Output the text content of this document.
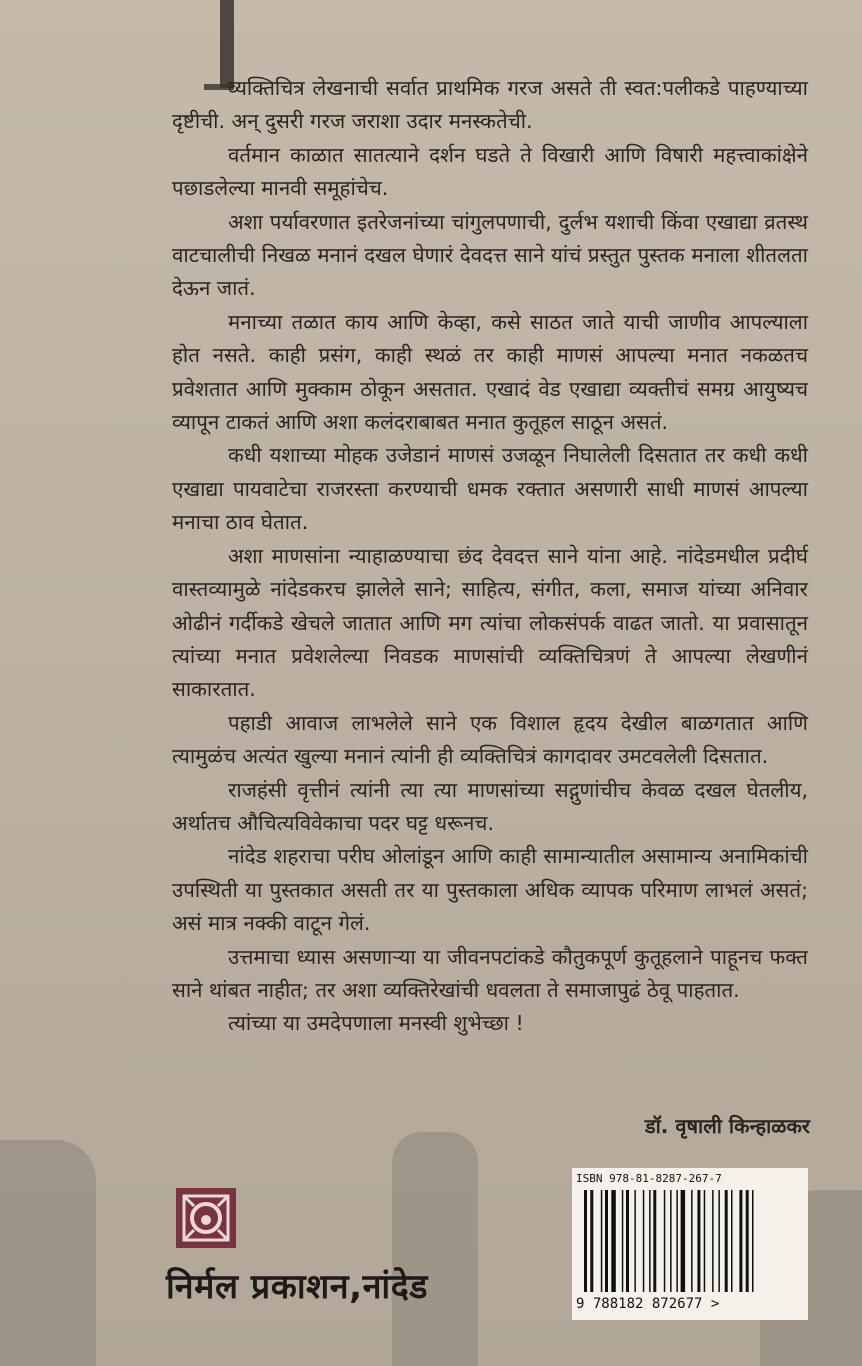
व्यक्तिचित्र लेखनाची सर्वात प्राथमिक गरज असते ती स्वत:पलीकडे पाहण्याच्या दृष्टीची. अन् दुसरी गरज जराशा उदार मनस्कतेची.

वर्तमान काळात सातत्याने दर्शन घडते ते विखारी आणि विषारी महत्त्वाकांक्षेने पछाडलेल्या मानवी समूहांचेच.

अशा पर्यावरणात इतरेजनांच्या चांगुलपणाची, दुर्लभ यशाची किंवा एखाद्या व्रतस्थ वाटचालीची निखळ मनानं दखल घेणारं देवदत्त साने यांचं प्रस्तुत पुस्तक मनाला शीतलता देऊन जातं.

मनाच्या तळात काय आणि केव्हा, कसे साठत जाते याची जाणीव आपल्याला होत नसते. काही प्रसंग, काही स्थळं तर काही माणसं आपल्या मनात नकळतच प्रवेशतात आणि मुक्काम ठोकून असतात. एखादं वेड एखाद्या व्यक्तीचं समग्र आयुष्यच व्यापून टाकतं आणि अशा कलंदराबाबत मनात कुतूहल साठून असतं.

कधी यशाच्या मोहक उजेडानं माणसं उजळून निघालेली दिसतात तर कधी कधी एखाद्या पायवाटेचा राजरस्ता करण्याची धमक रक्तात असणारी साधी माणसं आपल्या मनाचा ठाव घेतात.

अशा माणसांना न्याहाळण्याचा छंद देवदत्त साने यांना आहे. नांदेडमधील प्रदीर्घ वास्तव्यामुळे नांदेडकरच झालेले साने; साहित्य, संगीत, कला, समाज यांच्या अनिवार ओढीनं गर्दीकडे खेचले जातात आणि मग त्यांचा लोकसंपर्क वाढत जातो. या प्रवासातून त्यांच्या मनात प्रवेशलेल्या निवडक माणसांची व्यक्तिचित्रणं ते आपल्या लेखणीनं साकारतात.

पहाडी आवाज लाभलेले साने एक विशाल हृदय देखील बाळगतात आणि त्यामुळंच अत्यंत खुल्या मनानं त्यांनी ही व्यक्तिचित्रं कागदावर उमटवलेली दिसतात.

राजहंसी वृत्तीनं त्यांनी त्या त्या माणसांच्या सद्गुणांचीच केवळ दखल घेतलीय, अर्थातच औचित्यविवेकाचा पदर घट्ट धरूनच.

नांदेड शहराचा परीघ ओलांडून आणि काही सामान्यातील असामान्य अनामिकांची उपस्थिती या पुस्तकात असती तर या पुस्तकाला अधिक व्यापक परिमाण लाभलं असतं; असं मात्र नक्की वाटून गेलं.

उत्तमाचा ध्यास असणाऱ्या या जीवनपटांकडे कौतुकपूर्ण कुतूहलाने पाहूनच फक्त साने थांबत नाहीत; तर अशा व्यक्तिरेखांची धवलता ते समाजापुढं ठेवू पाहतात.

त्यांच्या या उमदेपणाला मनस्वी शुभेच्छा !

डॉ. वृषाली किन्हाळकर
निर्मल प्रकाशन,नांदेड
ISBN 978-81-8287-267-7
9 788182 872677 >
